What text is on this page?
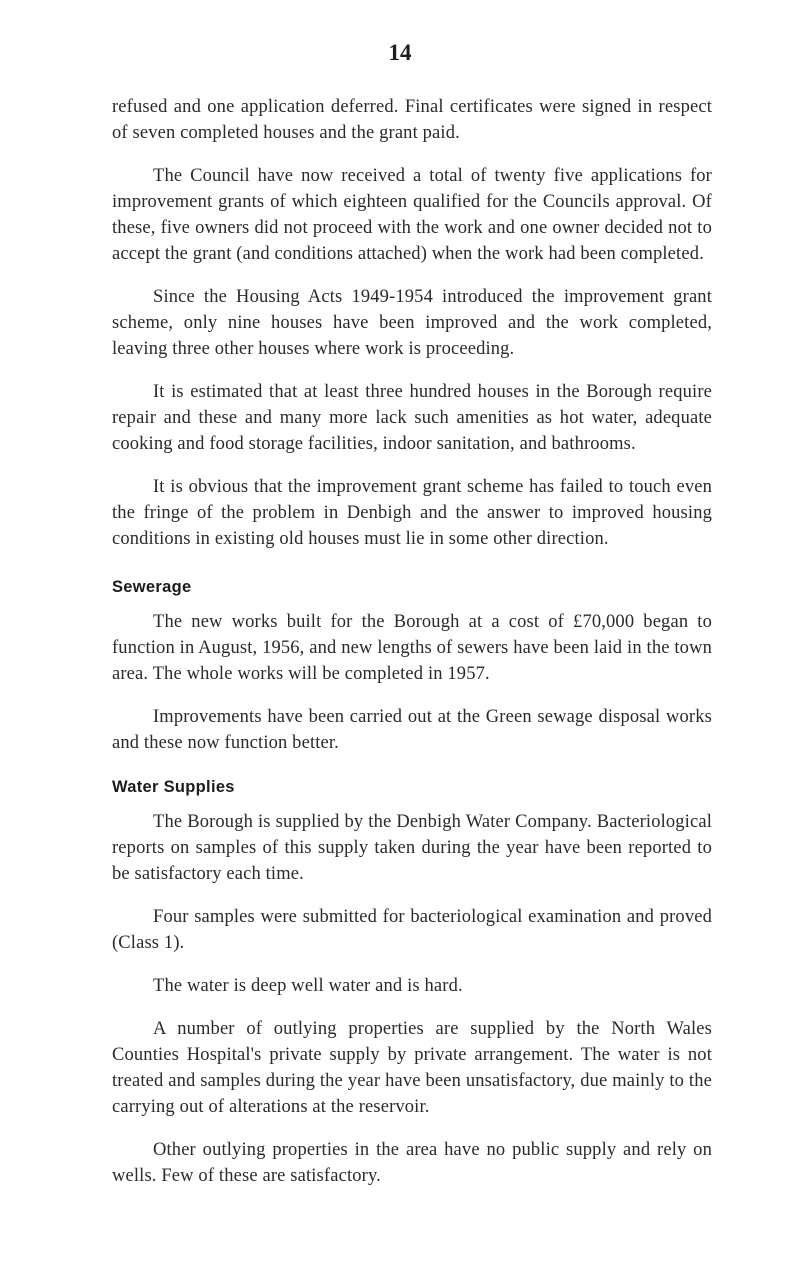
14

refused and one application deferred. Final certificates were signed in respect of seven completed houses and the grant paid.

The Council have now received a total of twenty five applications for improvement grants of which eighteen qualified for the Councils approval. Of these, five owners did not proceed with the work and one owner decided not to accept the grant (and conditions attached) when the work had been completed.

Since the Housing Acts 1949-1954 introduced the improvement grant scheme, only nine houses have been improved and the work completed, leaving three other houses where work is proceeding.

It is estimated that at least three hundred houses in the Borough require repair and these and many more lack such amenities as hot water, adequate cooking and food storage facilities, indoor sanitation, and bathrooms.

It is obvious that the improvement grant scheme has failed to touch even the fringe of the problem in Denbigh and the answer to improved housing conditions in existing old houses must lie in some other direction.

Sewerage

The new works built for the Borough at a cost of £70,000 began to function in August, 1956, and new lengths of sewers have been laid in the town area. The whole works will be completed in 1957.

Improvements have been carried out at the Green sewage disposal works and these now function better.

Water Supplies

The Borough is supplied by the Denbigh Water Company. Bacteriological reports on samples of this supply taken during the year have been reported to be satisfactory each time.

Four samples were submitted for bacteriological examination and proved (Class 1).

The water is deep well water and is hard.

A number of outlying properties are supplied by the North Wales Counties Hospital's private supply by private arrangement. The water is not treated and samples during the year have been unsatisfactory, due mainly to the carrying out of alterations at the reservoir.

Other outlying properties in the area have no public supply and rely on wells. Few of these are satisfactory.
